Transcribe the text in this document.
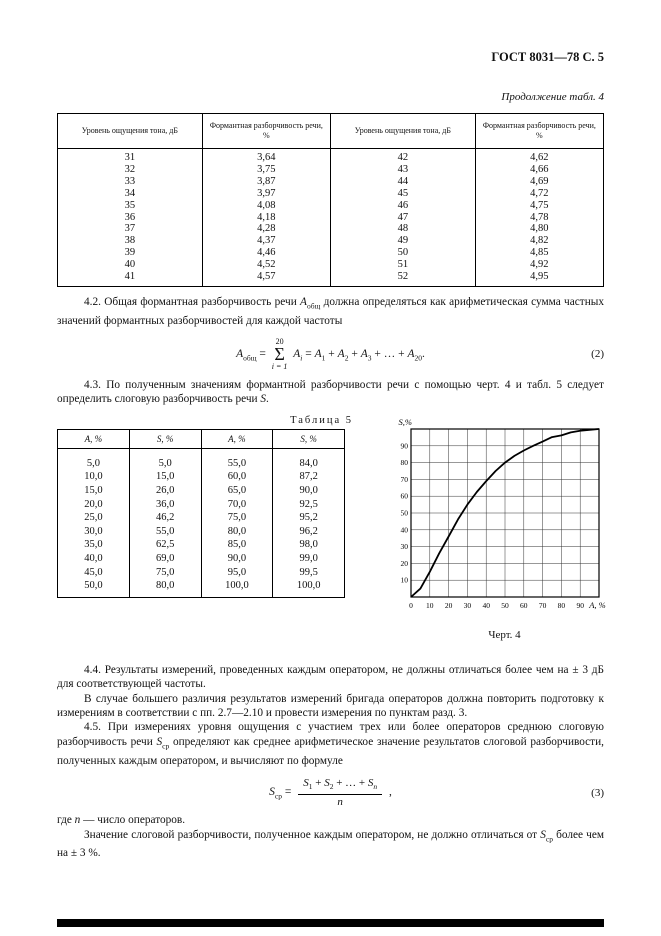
ГОСТ 8031—78 С. 5
Продолжение табл. 4
Уровень ощущения тона, дБ	Формантная разборчивость речи, %	Уровень ощущения тона, дБ	Формантная разборчивость речи, %
31	3,64	42	4,62
32	3,75	43	4,66
33	3,87	44	4,69
34	3,97	45	4,72
35	4,08	46	4,75
36	4,18	47	4,78
37	4,28	48	4,80
38	4,37	49	4,82
39	4,46	50	4,85
40	4,52	51	4,92
41	4,57	52	4,95

4.2. Общая формантная разборчивость речи $A_{общ}$ должна определяться как арифметическая сумма частных значений формантных разборчивостей для каждой частоты

$A_{общ}$ =
20
Σ
i = 1
$A_i = A_1 + A_2 + A_3$ + … + $A_{20}$.	(2)

4.3. По полученным значениям формантной разборчивости речи с помощью черт. 4 и табл. 5 следует определить слоговую разборчивость речи S.

Таблица 5
А, %	S, %	А, %	S, %
5,0	5,0	55,0	84,0
10,0	15,0	60,0	87,2
15,0	26,0	65,0	90,0
20,0	36,0	70,0	92,5
25,0	46,2	75,0	95,2
30,0	55,0	80,0	96,2
35,0	62,5	85,0	98,0
40,0	69,0	90,0	99,0
45,0	75,0	95,0	99,5
50,0	80,0	100,0	100,0
10
20
30
40
50
60
70
80
90
0 10 20 30 40 50 60 70 80 90
S,%
A, %
Черт. 4

4.4. Результаты измерений, проведенных каждым оператором, не должны отличаться более чем на ± 3 дБ для соответствующей частоты.

В случае большего различия результатов измерений бригада операторов должна повторить подготовку к измерениям в соответствии с пп. 2.7—2.10 и провести измерения по пунктам разд. 3.

4.5. При измерениях уровня ощущения с участием трех или более операторов среднюю слоговую разборчивость речи $S_{ср}$ определяют как среднее арифметическое значение результатов слоговой разборчивости, полученных каждым оператором, и вычисляют по формуле

$S_{ср} = \frac{S_1 + S_2 + \dots + S_n}{n}$ ,	(3)

где n — число операторов.

Значение слоговой разборчивости, полученное каждым оператором, не должно отличаться от $S_{ср}$ более чем на ± 3 %.
